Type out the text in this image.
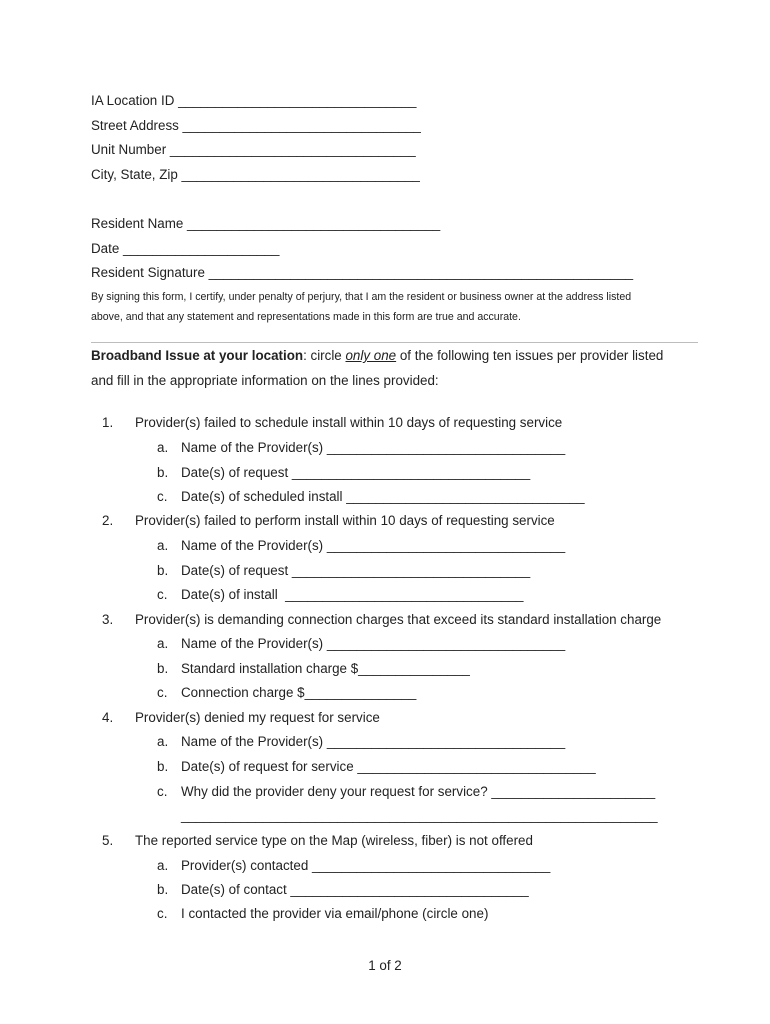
IA Location ID ________________________________
Street Address ________________________________
Unit Number _________________________________
City, State, Zip ________________________________
Resident Name __________________________________
Date _____________________
Resident Signature _________________________________________________________
By signing this form, I certify, under penalty of perjury, that I am the resident or business owner at the address listed
above, and that any statement and representations made in this form are true and accurate.
Broadband Issue at your location: circle only one of the following ten issues per provider listed
and fill in the appropriate information on the lines provided:
1. Provider(s) failed to schedule install within 10 days of requesting service
a. Name of the Provider(s) ________________________________
b. Date(s) of request ________________________________
c. Date(s) of scheduled install ________________________________
2. Provider(s) failed to perform install within 10 days of requesting service
a. Name of the Provider(s) ________________________________
b. Date(s) of request ________________________________
c. Date(s) of install  ________________________________
3. Provider(s) is demanding connection charges that exceed its standard installation charge
a. Name of the Provider(s) ________________________________
b. Standard installation charge $_______________
c. Connection charge $_______________
4. Provider(s) denied my request for service
a. Name of the Provider(s) ________________________________
b. Date(s) of request for service ________________________________
c. Why did the provider deny your request for service? ______________________
________________________________________________________________
5. The reported service type on the Map (wireless, fiber) is not offered
a. Provider(s) contacted ________________________________
b. Date(s) of contact ________________________________
c. I contacted the provider via email/phone (circle one)
1 of 2
